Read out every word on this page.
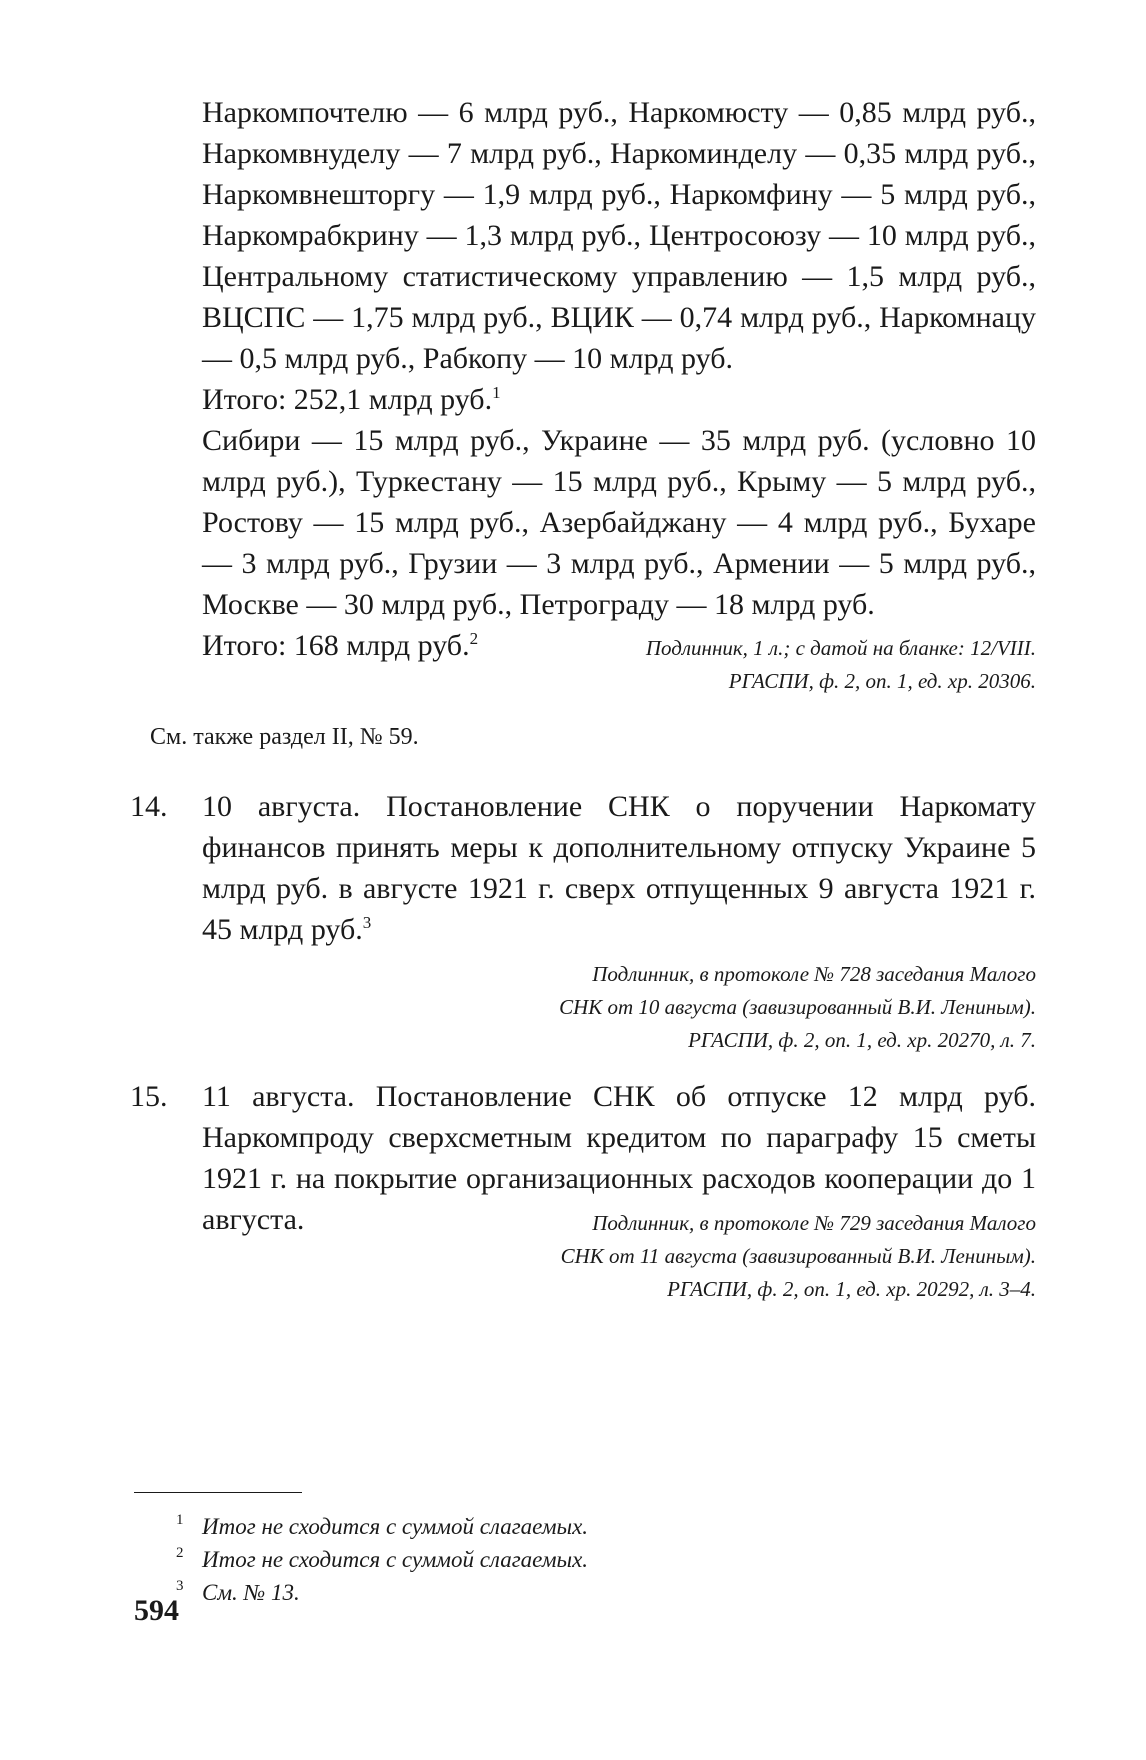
Наркомпочтелю — 6 млрд руб., Наркомюсту — 0,85 млрд руб., Наркомвнуделу — 7 млрд руб., Наркоминделу — 0,35 млрд руб., Наркомвнешторгу — 1,9 млрд руб., Наркомфину — 5 млрд руб., Наркомрабкрину — 1,3 млрд руб., Центросоюзу — 10 млрд руб., Центральному статистическому управлению — 1,5 млрд руб., ВЦСПС — 1,75 млрд руб., ВЦИК — 0,74 млрд руб., Наркомнацу — 0,5 млрд руб., Рабкопу — 10 млрд руб.

Итого: 252,1 млрд руб.$^1$

Сибири — 15 млрд руб., Украине — 35 млрд руб. (условно 10 млрд руб.), Туркестану — 15 млрд руб., Крыму — 5 млрд руб., Ростову — 15 млрд руб., Азербайджану — 4 млрд руб., Бухаре — 3 млрд руб., Грузии — 3 млрд руб., Армении — 5 млрд руб., Москве — 30 млрд руб., Петрограду — 18 млрд руб.

Итого: 168 млрд руб.$^2$	Подлинник, 1 л.; с датой на бланке: 12/VIII.
РГАСПИ, ф. 2, оп. 1, ед. хр. 20306.
См. также раздел II, № 59.
14.	10 августа. Постановление СНК о поручении Наркомату финансов принять меры к дополнительному отпуску Украине 5 млрд руб. в августе 1921 г. сверх отпущенных 9 августа 1921 г. 45 млрд руб.$^3$
Подлинник, в протоколе № 728 заседания Малого
СНК от 10 августа (завизированный В.И. Лениным).
РГАСПИ, ф. 2, оп. 1, ед. хр. 20270, л. 7.
15.	11 августа. Постановление СНК об отпуске 12 млрд руб. Наркомпроду сверхсметным кредитом по параграфу 15 сметы 1921 г. на покрытие организационных расходов кооперации до 1 августа.	Подлинник, в протоколе № 729 заседания Малого
СНК от 11 августа (завизированный В.И. Лениным).
РГАСПИ, ф. 2, оп. 1, ед. хр. 20292, л. 3–4.
1 Итог не сходится с суммой слагаемых.
2 Итог не сходится с суммой слагаемых.
3 См. № 13.
594
